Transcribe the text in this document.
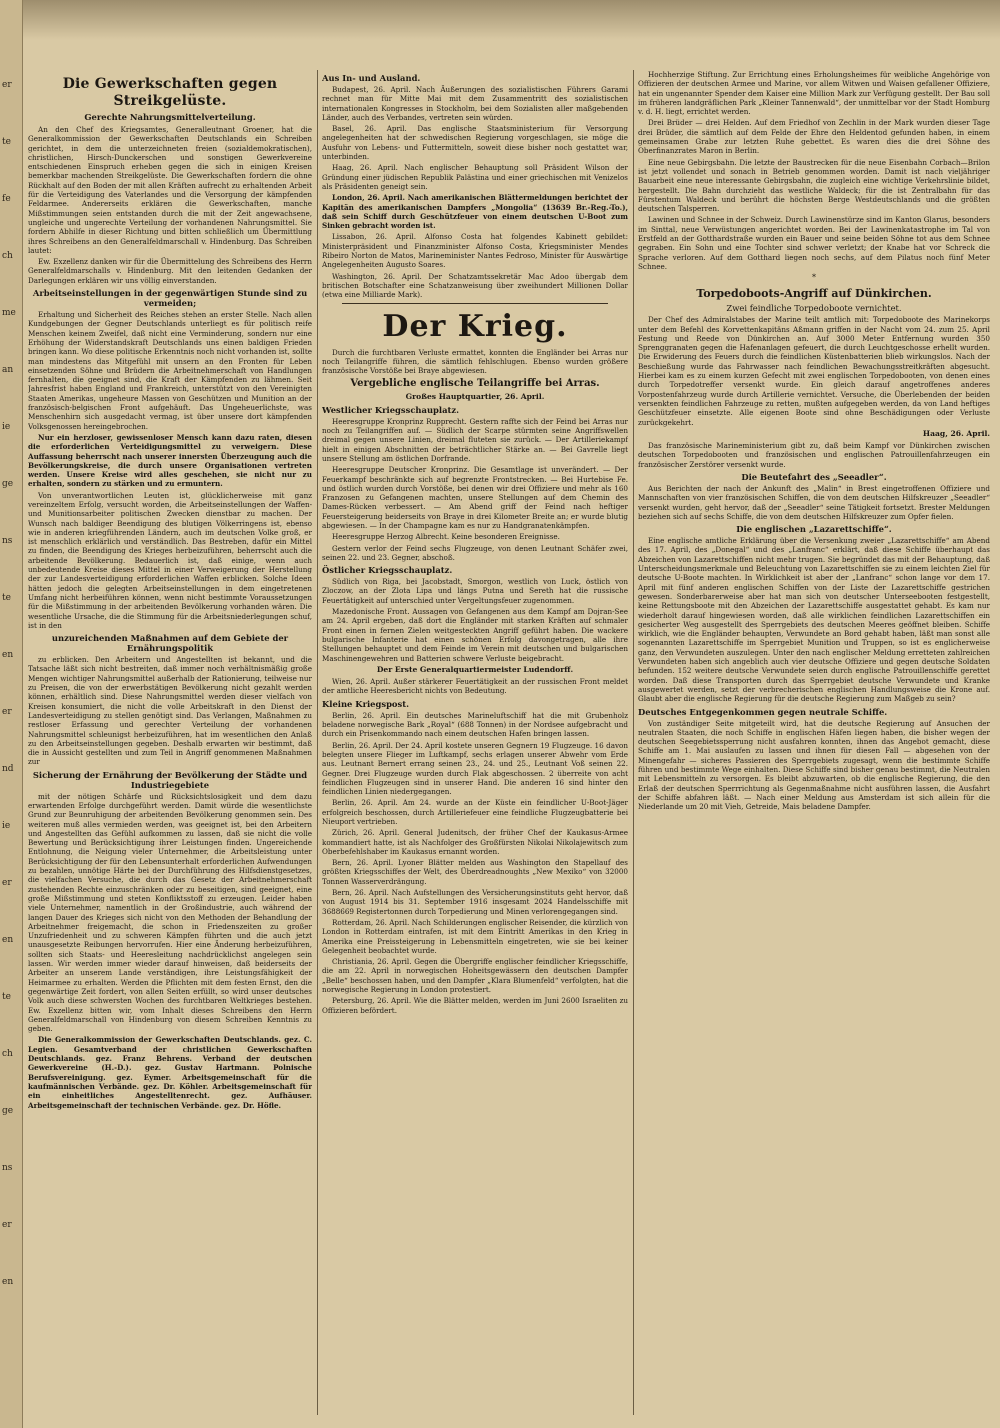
er
te
fe
ch
me
an
ie
ge
ns
te
en
er
nd
ie
er
en
te
ch
ge
ns
er
en
Die Gewerkschaften gegen Streikgelüste.
Gerechte Nahrungsmittelverteilung.

An den Chef des Kriegsamtes, Generalleutnant Groener, hat die Generalkommission der Gewerkschaften Deutschlands ein Schreiben gerichtet, in dem die unterzeichneten freien (sozialdemokratischen), christlichen, Hirsch-Dunckerschen und sonstigen Gewerkvereine entschiedenen Einspruch erheben gegen die sich in einigen Kreisen bemerkbar machenden Streikgelüste. Die Gewerkschaften fordern die ohne Rückhalt auf den Boden der mit allen Kräften aufrecht zu erhaltenden Arbeit für die Verteidigung des Vaterlandes und die Versorgung der kämpfenden Feldarmee. Andererseits erklären die Gewerkschaften, manche Mißstimmungen seien entstanden durch die mit der Zeit angewachsene, ungleiche und ungerechte Verteilung der vorhandenen Nahrungsmittel. Sie fordern Abhilfe in dieser Richtung und bitten schließlich um Übermittlung ihres Schreibens an den Generalfeldmarschall v. Hindenburg. Das Schreiben lautet:

Ew. Exzellenz danken wir für die Übermittelung des Schreibens des Herrn Generalfeldmarschalls v. Hindenburg. Mit den leitenden Gedanken der Darlegungen erklären wir uns völlig einverstanden.

Arbeitseinstellungen in der gegenwärtigen Stunde sind zu vermeiden;

Erhaltung und Sicherheit des Reiches stehen an erster Stelle. Nach allen Kundgebungen der Gegner Deutschlands unterliegt es für politisch reife Menschen keinem Zweifel, daß nicht eine Verminderung, sondern nur eine Erhöhung der Widerstandskraft Deutschlands uns einen baldigen Frieden bringen kann. Wo diese politische Erkenntnis noch nicht vorhanden ist, sollte man mindestens das Mitgefühl mit unsern an den Fronten für Leben einsetzenden Söhne und Brüdern die Arbeitnehmerschaft von Handlungen fernhalten, die geeignet sind, die Kraft der Kämpfenden zu lähmen. Seit Jahresfrist haben England und Frankreich, unterstützt von den Vereinigten Staaten Amerikas, ungeheure Massen von Geschützen und Munition an der französisch-belgischen Front aufgehäuft. Das Ungeheuerlichste, was Menschenhirn sich ausgedacht vermag, ist über unsere dort kämpfenden Volksgenossen hereingebrochen.

Nur ein herzloser, gewissenloser Mensch kann dazu raten, diesen die erforderlichen Verteidigungsmittel zu verweigern. Diese Auffassung beherrscht nach unserer innersten Überzeugung auch die Bevölkerungskreise, die durch unsere Organisationen vertreten werden. Unsere Kreise wird alles geschehen, sie nicht nur zu erhalten, sondern zu stärken und zu ermuntern.

Von unverantwortlichen Leuten ist, glücklicherweise mit ganz vereinzeltem Erfolg, versucht worden, die Arbeitseinstellungen der Waffen- und Munitionsarbeiter politischen Zwecken dienstbar zu machen. Der Wunsch nach baldiger Beendigung des blutigen Völkerringens ist, ebenso wie in anderen kriegführenden Ländern, auch im deutschen Volke groß, er ist menschlich erklärlich und verständlich. Das Bestreben, dafür ein Mittel zu finden, die Beendigung des Krieges herbeizuführen, beherrscht auch die arbeitende Bevölkerung. Bedauerlich ist, daß einige, wenn auch unbedeutende Kreise dieses Mittel in einer Verweigerung der Herstellung der zur Landesverteidigung erforderlichen Waffen erblicken. Solche Ideen hätten jedoch die gelegten Arbeitseinstellungen in dem eingetretenen Umfang nicht herbeiführen können, wenn nicht bestimmte Voraussetzungen für die Mißstimmung in der arbeitenden Bevölkerung vorhanden wären. Die wesentliche Ursache, die die Stimmung für die Arbeitsniederlegungen schuf, ist in den

unzureichenden Maßnahmen auf dem Gebiete der Ernährungspolitik

zu erblicken. Den Arbeitern und Angestellten ist bekannt, und die Tatsache läßt sich nicht bestreiten, daß immer noch verhältnismäßig große Mengen wichtiger Nahrungsmittel außerhalb der Rationierung, teilweise nur zu Preisen, die von der erwerbstätigen Bevölkerung nicht gezahlt werden können, erhältlich sind. Diese Nahrungsmittel werden dieser vielfach von Kreisen konsumiert, die nicht die volle Arbeitskraft in den Dienst der Landesverteidigung zu stellen genötigt sind. Das Verlangen, Maßnahmen zu restloser Erfassung und gerechter Verteilung der vorhandenen Nahrungsmittel schleunigst herbeizuführen, hat im wesentlichen den Anlaß zu den Arbeitseinstellungen gegeben. Deshalb erwarten wir bestimmt, daß die in Aussicht gestellten und zum Teil in Angriff genommenen Maßnahmen zur

Sicherung der Ernährung der Bevölkerung der Städte und Industriegebiete

mit der nötigen Schärfe und Rücksichtslosigkeit und dem dazu erwartenden Erfolge durchgeführt werden. Damit würde die wesentlichste Grund zur Beunruhigung der arbeitenden Bevölkerung genommen sein. Des weiteren muß alles vermieden werden, was geeignet ist, bei den Arbeitern und Angestellten das Gefühl aufkommen zu lassen, daß sie nicht die volle Bewertung und Berücksichtigung ihrer Leistungen finden. Ungereichende Entlohnung, die Neigung vieler Unternehmer, die Arbeitsleistung unter Berücksichtigung der für den Lebensunterhalt erforderlichen Aufwendungen zu bezahlen, unnötige Härte bei der Durchführung des Hilfsdienstgesetzes, die vielfachen Versuche, die durch das Gesetz der Arbeitnehmerschaft zustehenden Rechte einzuschränken oder zu beseitigen, sind geeignet, eine große Mißstimmung und steten Konfliktsstoff zu erzeugen. Leider haben viele Unternehmer, namentlich in der Großindustrie, auch während der langen Dauer des Krieges sich nicht von den Methoden der Behandlung der Arbeitnehmer freigemacht, die schon in Friedenszeiten zu großer Unzufriedenheit und zu schweren Kämpfen führten und die auch jetzt unausgesetzte Reibungen hervorrufen. Hier eine Änderung herbeizuführen, sollten sich Staats- und Heeresleitung nachdrücklichst angelegen sein lassen. Wir werden immer wieder darauf hinweisen, daß beiderseits der Arbeiter an unserem Lande verständigen, ihre Leistungsfähigkeit der Heimarmee zu erhalten. Werden die Pflichten mit dem festen Ernst, den die gegenwärtige Zeit fordert, von allen Seiten erfüllt, so wird unser deutsches Volk auch diese schwersten Wochen des furchtbaren Weltkrieges bestehen. Ew. Exzellenz bitten wir, vom Inhalt dieses Schreibens den Herrn Generalfeldmarschall von Hindenburg von diesem Schreiben Kenntnis zu geben.

Die Generalkommission der Gewerkschaften Deutschlands. gez. C. Legien. Gesamtverband der christlichen Gewerkschaften Deutschlands. gez. Franz Behrens. Verband der deutschen Gewerkvereine (H.-D.). gez. Gustav Hartmann. Polnische Berufsvereinigung. gez. Eymer. Arbeitsgemeinschaft für die kaufmännischen Verbände. gez. Dr. Köhler. Arbeitsgemeinschaft für ein einheitliches Angestelltenrecht. gez. Aufhäuser. Arbeitsgemeinschaft der technischen Verbände. gez. Dr. Höfle.

Aus In- und Ausland.

Budapest, 26. April. Nach Äußerungen des sozialistischen Führers Garami rechnet man für Mitte Mai mit dem Zusammentritt des sozialistischen internationalen Kongresses in Stockholm, bei dem Sozialisten aller maßgebenden Länder, auch des Verbandes, vertreten sein würden.

Basel, 26. April. Das englische Staatsministerium für Versorgung angelegenheiten hat der schwedischen Regierung vorgeschlagen, sie möge die Ausfuhr von Lebens- und Futtermitteln, soweit diese bisher noch gestattet war, unterbinden.

Haag, 26. April. Nach englischer Behauptung soll Präsident Wilson der Gründung einer jüdischen Republik Palästina und einer griechischen mit Venizelos als Präsidenten geneigt sein.

London, 26. April. Nach amerikanischen Blättermeldungen berichtet der Kapitän des amerikanischen Dampfers „Mongolia“ (13639 Br.-Reg.-To.), daß sein Schiff durch Geschützfeuer von einem deutschen U-Boot zum Sinken gebracht worden ist.

Lissabon, 26. April. Alfonso Costa hat folgendes Kabinett gebildet: Ministerpräsident und Finanzminister Alfonso Costa, Kriegsminister Mendes Ribeiro Norton de Matos, Marineminister Nantes Fedroso, Minister für Auswärtige Angelegenheiten Augusto Soares.

Washington, 26. April. Der Schatzamtssekretär Mac Adoo übergab dem britischen Botschafter eine Schatzanweisung über zweihundert Millionen Dollar (etwa eine Milliarde Mark).

Der Krieg.

Durch die furchtbaren Verluste ermattet, konnten die Engländer bei Arras nur noch Teilangriffe führen, die sämtlich fehlschlugen. Ebenso wurden größere französische Vorstöße bei Braye abgewiesen.

Vergebliche englische Teilangriffe bei Arras.
Großes Hauptquartier, 26. April.
Westlicher Kriegsschauplatz.

Heeresgruppe Kronprinz Rupprecht. Gestern raffte sich der Feind bei Arras nur noch zu Teilangriffen auf. — Südlich der Scarpe stürmten seine Angriffswellen dreimal gegen unsere Linien, dreimal fluteten sie zurück. — Der Artilleriekampf hielt in einigen Abschnitten der beträchtlicher Stärke an. — Bei Gavrelle liegt unsere Stellung am östlichen Dorfrande.

Heeresgruppe Deutscher Kronprinz. Die Gesamtlage ist unverändert. — Der Feuerkampf beschränkte sich auf begrenzte Frontstrecken. — Bei Hurtebise Fe. und östlich wurden durch Vorstöße, bei denen wir drei Offiziere und mehr als 160 Franzosen zu Gefangenen machten, unsere Stellungen auf dem Chemin des Dames-Rücken verbessert. — Am Abend griff der Feind nach heftiger Feuersteigerung beiderseits von Braye in drei Kilometer Breite an; er wurde blutig abgewiesen. — In der Champagne kam es nur zu Handgranatenkämpfen.

Heeresgruppe Herzog Albrecht. Keine besonderen Ereignisse.

Gestern verlor der Feind sechs Flugzeuge, von denen Leutnant Schäfer zwei, seinen 22. und 23. Gegner, abschoß.

Östlicher Kriegsschauplatz.

Südlich von Riga, bei Jacobstadt, Smorgon, westlich von Luck, östlich von Zloczow, an der Zlota Lipa und längs Putna und Sereth hat die russische Feuertätigkeit auf unterschied unter Vergeltungsfeuer zugenommen.

Mazedonische Front. Aussagen von Gefangenen aus dem Kampf am Dojran-See am 24. April ergeben, daß dort die Engländer mit starken Kräften auf schmaler Front einen in fernen Zielen weitgesteckten Angriff geführt haben. Die wackere bulgarische Infanterie hat einen schönen Erfolg davongetragen, alle ihre Stellungen behauptet und dem Feinde im Verein mit deutschen und bulgarischen Maschinengewehren und Batterien schwere Verluste beigebracht.

Der Erste Generalquartiermeister Ludendorff.

Wien, 26. April. Außer stärkerer Feuertätigkeit an der russischen Front meldet der amtliche Heeresbericht nichts von Bedeutung.

Kleine Kriegspost.

Berlin, 26. April. Ein deutsches Marineluftschiff hat die mit Grubenholz beladene norwegische Bark „Royal“ (688 Tonnen) in der Nordsee aufgebracht und durch ein Prisenkommando nach einem deutschen Hafen bringen lassen.

Berlin, 26. April. Der 24. April kostete unseren Gegnern 19 Flugzeuge. 16 davon belegten unsere Flieger im Luftkampf, sechs erlagen unserer Abwehr vom Erde aus. Leutnant Bernert errang seinen 23., 24. und 25., Leutnant Voß seinen 22. Gegner. Drei Flugzeuge wurden durch Flak abgeschossen. 2 überreite von acht feindlichen Flugzeugen sind in unserer Hand. Die anderen 16 sind hinter den feindlichen Linien niedergegangen.

Berlin, 26. April. Am 24. wurde an der Küste ein feindlicher U-Boot-Jäger erfolgreich beschossen, durch Artilleriefeuer eine feindliche Flugzeugbatterie bei Nieuport vertrieben.

Zürich, 26. April. General Judenitsch, der früher Chef der Kaukasus-Armee kommandiert hatte, ist als Nachfolger des Großfürsten Nikolai Nikolajewitsch zum Oberbefehlshaber im Kaukasus ernannt worden.

Bern, 26. April. Lyoner Blätter melden aus Washington den Stapellauf des größten Kriegsschiffes der Welt, des Überdreadnoughts „New Mexiko“ von 32000 Tonnen Wasserverdrängung.

Bern, 26. April. Nach Aufstellungen des Versicherungsinstituts geht hervor, daß von August 1914 bis 31. September 1916 insgesamt 2024 Handelsschiffe mit 3688669 Registertonnen durch Torpedierung und Minen verlorengegangen sind.

Rotterdam, 26. April. Nach Schilderungen englischer Reisender, die kürzlich von London in Rotterdam eintrafen, ist mit dem Eintritt Amerikas in den Krieg in Amerika eine Preissteigerung in Lebensmitteln eingetreten, wie sie bei keiner Gelegenheit beobachtet wurde.

Christiania, 26. April. Gegen die Übergriffe englischer feindlicher Kriegsschiffe, die am 22. April in norwegischen Hoheitsgewässern den deutschen Dampfer „Belle“ beschossen haben, und den Dampfer „Klara Blumenfeld“ verfolgten, hat die norwegische Regierung in London protestiert.

Petersburg, 26. April. Wie die Blätter melden, werden im Juni 2600 Israeliten zu Offizieren befördert.

Hochherzige Stiftung. Zur Errichtung eines Erholungsheimes für weibliche Angehörige von Offizieren der deutschen Armee und Marine, vor allem Witwen und Waisen gefallener Offiziere, hat ein ungenannter Spender dem Kaiser eine Million Mark zur Verfügung gestellt. Der Bau soll im früheren landgräflichen Park „Kleiner Tannenwald“, der unmittelbar vor der Stadt Homburg v. d. H. liegt, errichtet werden.

Drei Brüder — drei Helden. Auf dem Friedhof von Zechlin in der Mark wurden dieser Tage drei Brüder, die sämtlich auf dem Felde der Ehre den Heldentod gefunden haben, in einem gemeinsamen Grabe zur letzten Ruhe gebettet. Es waren dies die drei Söhne des Oberfinanzrates Maron in Berlin.

Eine neue Gebirgsbahn. Die letzte der Baustrecken für die neue Eisenbahn Corbach—Brilon ist jetzt vollendet und sonach in Betrieb genommen worden. Damit ist nach vieljähriger Bauarbeit eine neue interessante Gebirgsbahn, die zugleich eine wichtige Verkehrslinie bildet, hergestellt. Die Bahn durchzieht das westliche Waldeck; für die ist Zentralbahn für das Fürstentum Waldeck und berührt die höchsten Berge Westdeutschlands und die größten deutschen Talsperren.

Lawinen und Schnee in der Schweiz. Durch Lawinenstürze sind im Kanton Glarus, besonders im Sinttal, neue Verwüstungen angerichtet worden. Bei der Lawinenkatastrophe im Tal von Erstfeld an der Gotthardstraße wurden ein Bauer und seine beiden Söhne tot aus dem Schnee gegraben. Ein Sohn und eine Tochter sind schwer verletzt; der Knabe hat vor Schreck die Sprache verloren. Auf dem Gotthard liegen noch sechs, auf dem Pilatus noch fünf Meter Schnee.

*
Torpedoboots-Angriff auf Dünkirchen.
Zwei feindliche Torpedoboote vernichtet.

Der Chef des Admiralstabes der Marine teilt amtlich mit: Torpedoboote des Marinekorps unter dem Befehl des Korvettenkapitäns Aßmann griffen in der Nacht vom 24. zum 25. April Festung und Reede von Dünkirchen an. Auf 3000 Meter Entfernung wurden 350 Sprenggranaten gegen die Hafenanlagen gefeuert, die durch Leuchtgeschosse erhellt wurden. Die Erwiderung des Feuers durch die feindlichen Küstenbatterien blieb wirkungslos. Nach der Beschießung wurde das Fahrwasser nach feindlichen Bewachungsstreitkräften abgesucht. Hierbei kam es zu einem kurzen Gefecht mit zwei englischen Torpedobooten, von denen eines durch Torpedotreffer versenkt wurde. Ein gleich darauf angetroffenes anderes Vorpostenfahrzeug wurde durch Artillerie vernichtet. Versuche, die Überlebenden der beiden versenkten feindlichen Fahrzeuge zu retten, mußten aufgegeben werden, da von Land heftiges Geschützfeuer einsetzte. Alle eigenen Boote sind ohne Beschädigungen oder Verluste zurückgekehrt.

Haag, 26. April.

Das französische Marineministerium gibt zu, daß beim Kampf vor Dünkirchen zwischen deutschen Torpedobooten und französischen und englischen Patrouillenfahrzeugen ein französischer Zerstörer versenkt wurde.

Die Beutefahrt des „Seeadler“.

Aus Berichten der nach der Ankunft des „Malin“ in Brest eingetroffenen Offiziere und Mannschaften von vier französischen Schiffen, die von dem deutschen Hilfskreuzer „Seeadler“ versenkt wurden, geht hervor, daß der „Seeadler“ seine Tätigkeit fortsetzt. Brester Meldungen beziehen sich auf sechs Schiffe, die von dem deutschen Hilfskreuzer zum Opfer fielen.

Die englischen „Lazarettschiffe“.

Eine englische amtliche Erklärung über die Versenkung zweier „Lazarettschiffe“ am Abend des 17. April, des „Donegal“ und des „Lanfranc“ erklärt, daß diese Schiffe überhaupt das Abzeichen von Lazarettschiffen nicht mehr trugen. Sie begründet das mit der Behauptung, daß Unterscheidungsmerkmale und Beleuchtung von Lazarettschiffen sie zu einem leichten Ziel für deutsche U-Boote machten. In Wirklichkeit ist aber der „Lanfranc“ schon lange vor dem 17. April mit fünf anderen englischen Schiffen von der Liste der Lazarettschiffe gestrichen gewesen. Sonderbarerweise aber hat man sich von deutscher Unterseebooten festgestellt, keine Rettungsboote mit den Abzeichen der Lazarettschiffe ausgestattet gehabt. Es kam nur wiederholt darauf hingewiesen worden, daß alle wirklichen feindlichen Lazarettschiffen ein gesicherter Weg ausgestellt des Sperrgebiets des deutschen Meeres geöffnet bleiben. Schiffe wirklich, wie die Engländer behaupten, Verwundete an Bord gehabt haben, läßt man sonst alle sogenannten Lazarettschiffe im Sperrgebiet Munition und Truppen, so ist es englicherweise ganz, den Verwundeten auszulegen. Unter den nach englischer Meldung erretteten zahlreichen Verwundeten haben sich angeblich auch vier deutsche Offiziere und gegen deutsche Soldaten befunden. 152 weitere deutsche Verwundete seien durch englische Patrouillenschiffe gerettet worden. Daß diese Transporten durch das Sperrgebiet deutsche Verwundete und Kranke ausgewertet werden, setzt der verbrecherischen englischen Handlungsweise die Krone auf. Glaubt aber die englische Regierung für die deutsche Regierung zum Maßgeb zu sein?

Deutsches Entgegenkommen gegen neutrale Schiffe.

Von zuständiger Seite mitgeteilt wird, hat die deutsche Regierung auf Ansuchen der neutralen Staaten, die noch Schiffe in englischen Häfen liegen haben, die bisher wegen der deutschen Seegebietssperrung nicht ausfahren konnten, ihnen das Angebot gemacht, diese Schiffe am 1. Mai auslaufen zu lassen und ihnen für diesen Fall — abgesehen von der Minengefahr — sicheres Passieren des Sperrgebiets zugesagt, wenn die bestimmte Schiffe führen und bestimmte Wege einhalten. Diese Schiffe sind bisher genau bestimmt, die Neutralen mit Lebensmitteln zu versorgen. Es bleibt abzuwarten, ob die englische Regierung, die den Erlaß der deutschen Sperrrichtung als Gegenmaßnahme nicht ausführen lassen, die Ausfahrt der Schiffe abfahren läßt. — Nach einer Meldung aus Amsterdam ist sich allein für die Niederlande um 20 mit Vieh, Getreide, Mais beladene Dampfer.
